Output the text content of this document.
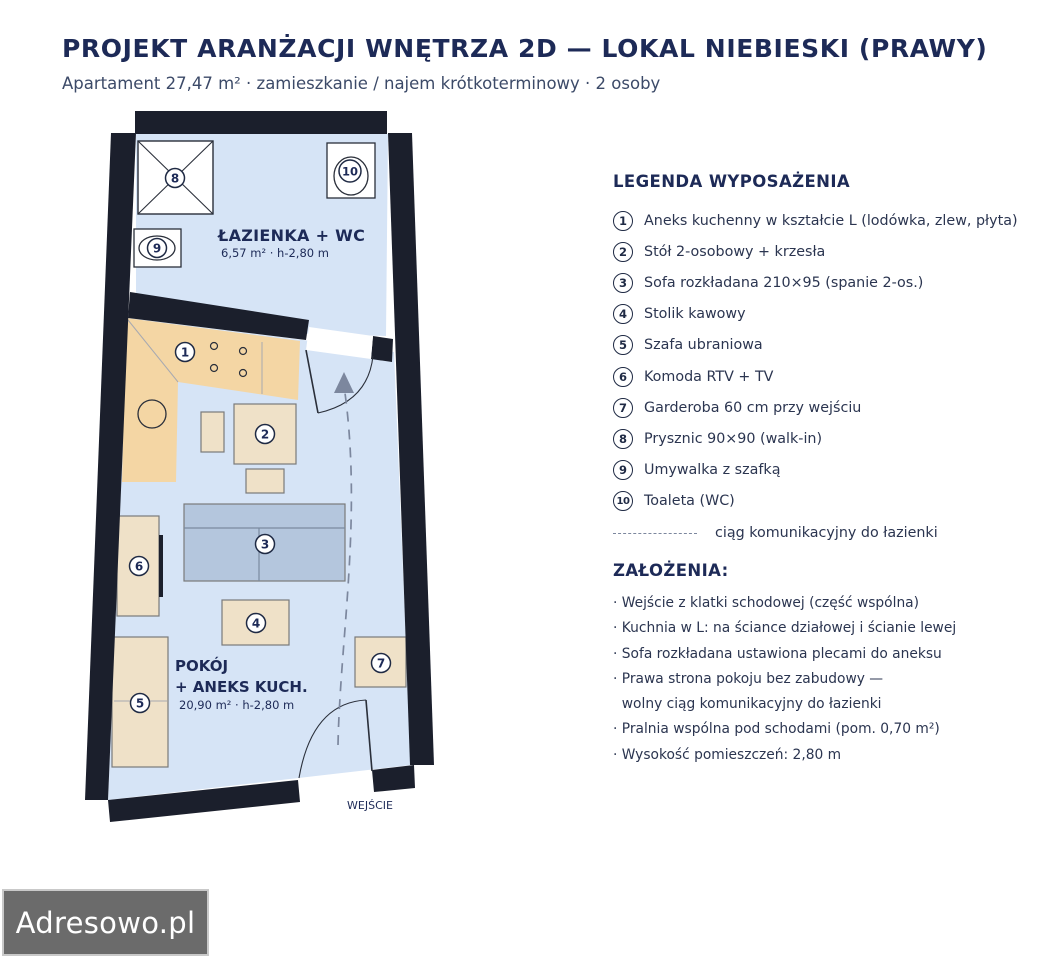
PROJEKT ARANŻACJI WNĘTRZA 2D — LOKAL NIEBIESKI (PRAWY)

Apartament 27,47 m² · zamieszkanie / najem krótkoterminowy · 2 osoby

ŁAZIENKA + WC
6,57 m² · h-2,80 m
POKÓJ
+ ANEKS KUCH.
20,90 m² · h-2,80 m
WEJŚCIE
1
2
3
4
5
6
7
8
9
10
LEGENDA WYPOSAŻENIA
1	Aneks kuchenny w kształcie L (lodówka, zlew, płyta)
2	Stół 2-osobowy + krzesła
3	Sofa rozkładana 210×95 (spanie 2-os.)
4	Stolik kawowy
5	Szafa ubraniowa
6	Komoda RTV + TV
7	Garderoba 60 cm przy wejściu
8	Prysznic 90×90 (walk-in)
9	Umywalka z szafką
10 Toaleta (WC)
ciąg komunikacyjny do łazienki
ZAŁOŻENIA:
· Wejście z klatki schodowej (część wspólna)
· Kuchnia w L: na ściance działowej i ścianie lewej
· Sofa rozkładana ustawiona plecami do aneksu
· Prawa strona pokoju bez zabudowy —
wolny ciąg komunikacyjny do łazienki
· Pralnia wspólna pod schodami (pom. 0,70 m²)
· Wysokość pomieszczeń: 2,80 m
Adresowo.pl
